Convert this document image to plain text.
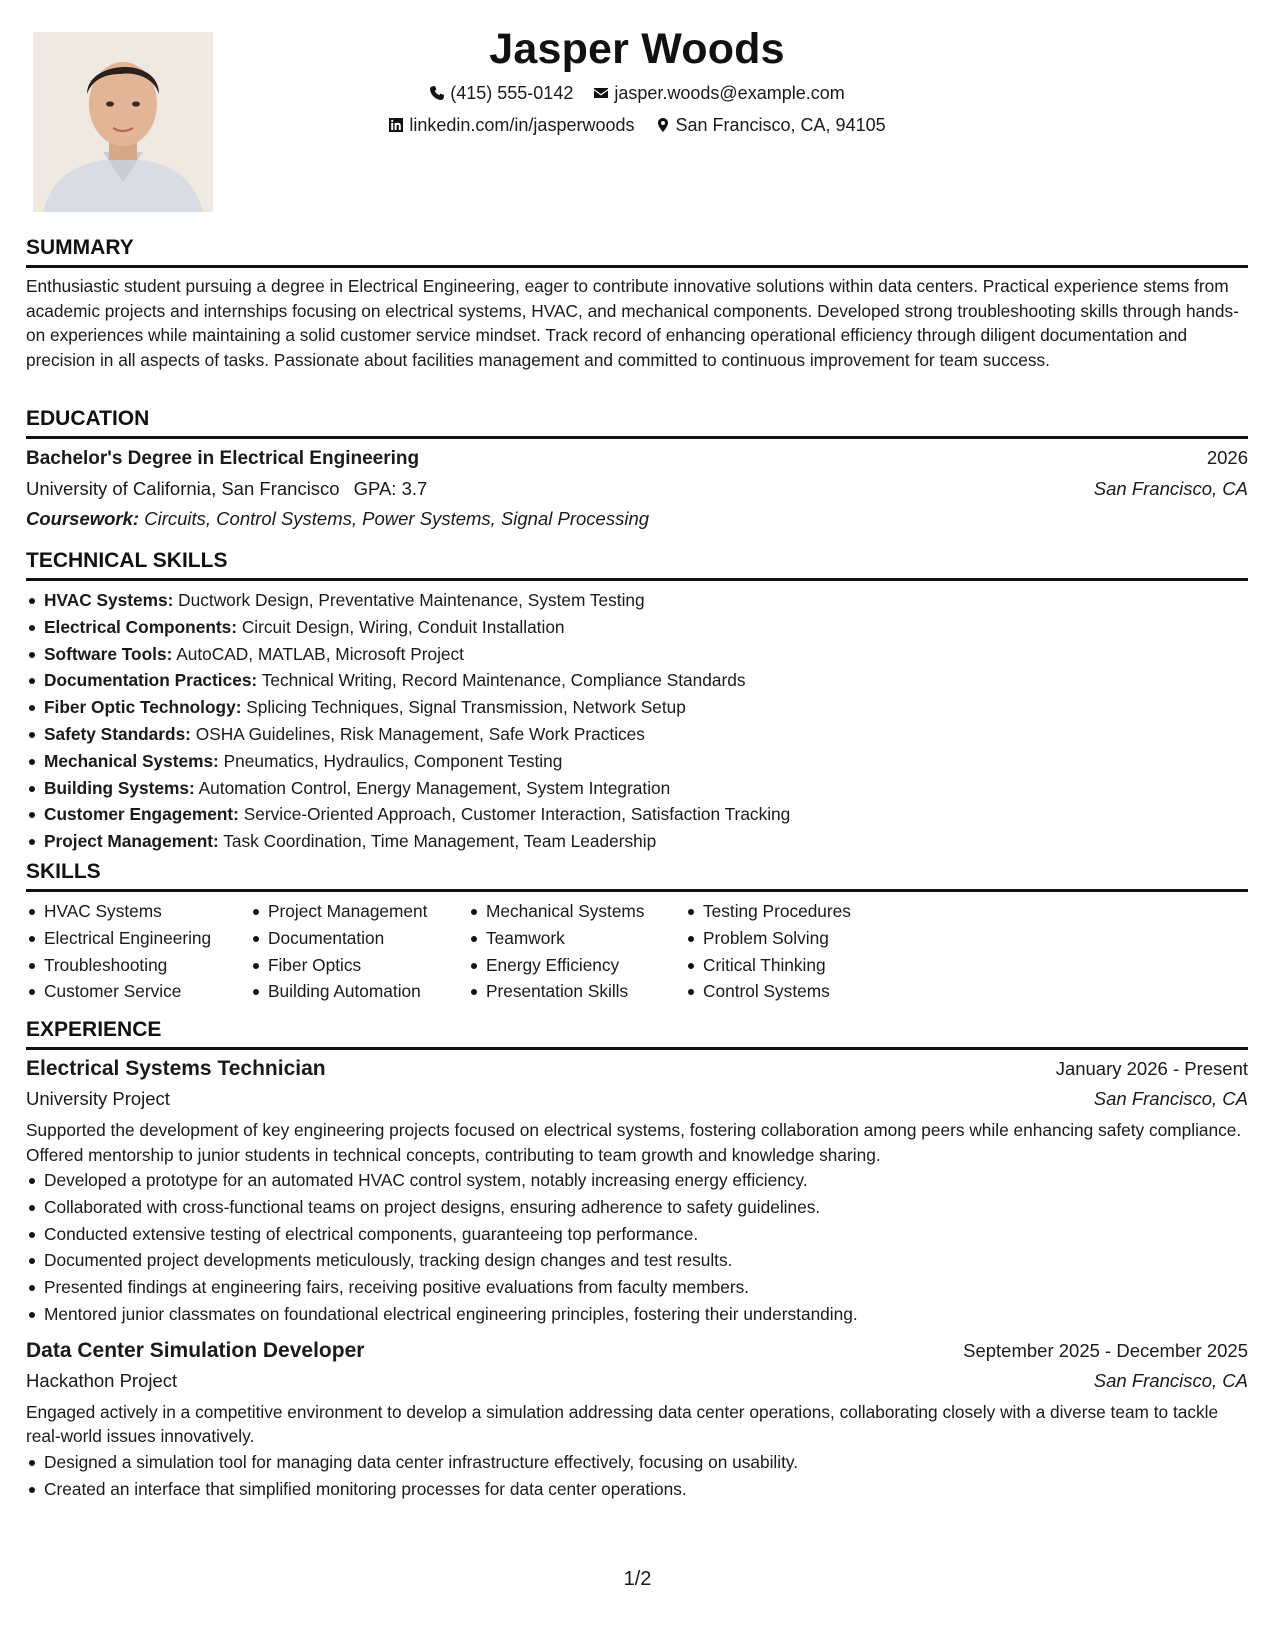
Jasper Woods
(415) 555-0142 jasper.woods@example.com
linkedin.com/in/jasperwoods San Francisco, CA, 94105
SUMMARY
Enthusiastic student pursuing a degree in Electrical Engineering, eager to contribute innovative solutions within data centers. Practical experience stems from academic projects and internships focusing on electrical systems, HVAC, and mechanical components. Developed strong troubleshooting skills through hands-on experiences while maintaining a solid customer service mindset. Track record of enhancing operational efficiency through diligent documentation and precision in all aspects of tasks. Passionate about facilities management and committed to continuous improvement for team success.
EDUCATION
Bachelor's Degree in Electrical Engineering	2026
University of California, San Francisco GPA: 3.7	San Francisco, CA
Coursework: Circuits, Control Systems, Power Systems, Signal Processing
TECHNICAL SKILLS
HVAC Systems: Ductwork Design, Preventative Maintenance, System Testing
Electrical Components: Circuit Design, Wiring, Conduit Installation
Software Tools: AutoCAD, MATLAB, Microsoft Project
Documentation Practices: Technical Writing, Record Maintenance, Compliance Standards
Fiber Optic Technology: Splicing Techniques, Signal Transmission, Network Setup
Safety Standards: OSHA Guidelines, Risk Management, Safe Work Practices
Mechanical Systems: Pneumatics, Hydraulics, Component Testing
Building Systems: Automation Control, Energy Management, System Integration
Customer Engagement: Service-Oriented Approach, Customer Interaction, Satisfaction Tracking
Project Management: Task Coordination, Time Management, Team Leadership
SKILLS
HVAC Systems
Electrical Engineering
Troubleshooting
Customer Service
Project Management
Documentation
Fiber Optics
Building Automation
Mechanical Systems
Teamwork
Energy Efficiency
Presentation Skills
Testing Procedures
Problem Solving
Critical Thinking
Control Systems
EXPERIENCE
Electrical Systems Technician	January 2026 - Present
University Project	San Francisco, CA
Supported the development of key engineering projects focused on electrical systems, fostering collaboration among peers while enhancing safety compliance. Offered mentorship to junior students in technical concepts, contributing to team growth and knowledge sharing.
Developed a prototype for an automated HVAC control system, notably increasing energy efficiency.
Collaborated with cross-functional teams on project designs, ensuring adherence to safety guidelines.
Conducted extensive testing of electrical components, guaranteeing top performance.
Documented project developments meticulously, tracking design changes and test results.
Presented findings at engineering fairs, receiving positive evaluations from faculty members.
Mentored junior classmates on foundational electrical engineering principles, fostering their understanding.
Data Center Simulation Developer	September 2025 - December 2025
Hackathon Project	San Francisco, CA
Engaged actively in a competitive environment to develop a simulation addressing data center operations, collaborating closely with a diverse team to tackle real-world issues innovatively.
Designed a simulation tool for managing data center infrastructure effectively, focusing on usability.
Created an interface that simplified monitoring processes for data center operations.
1/2
